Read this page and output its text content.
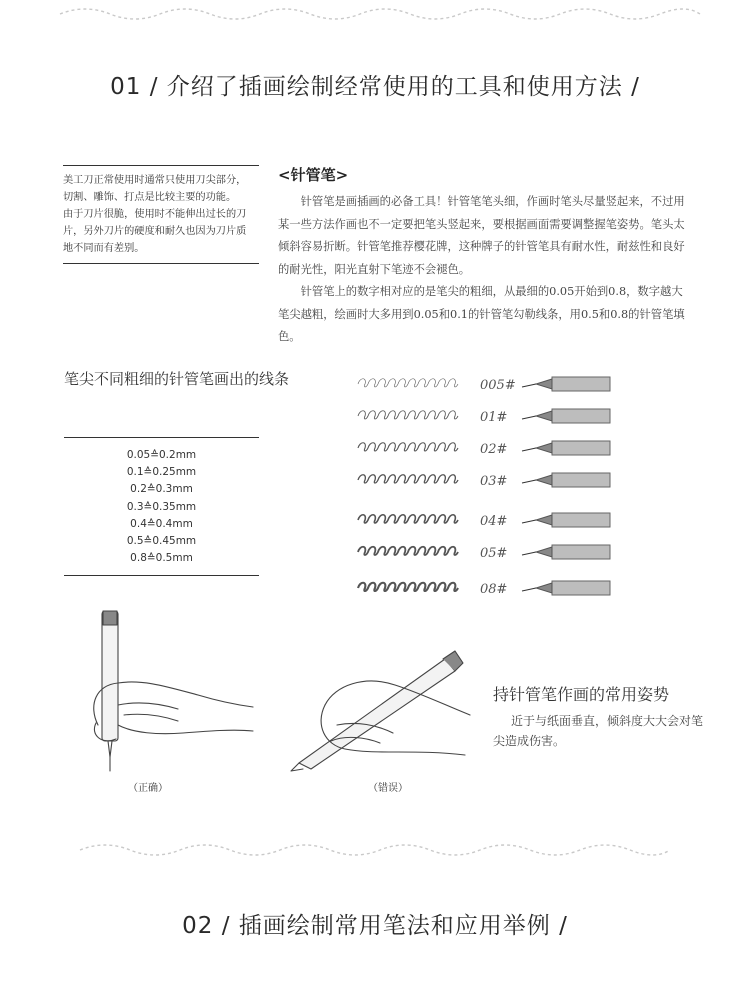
01 / 介绍了插画绘制经常使用的工具和使用方法 /
美工刀正常使用时通常只使用刀尖部分，
切割、雕饰、打点是比较主要的功能。
由于刀片很脆，使用时不能伸出过长的刀
片，另外刀片的硬度和耐久也因为刀片质
地不同而有差别。
<针管笔>
针管笔是画插画的必备工具！针管笔笔头细，作画时笔头尽量竖起来，不过用某一些方法作画也不一定要把笔头竖起来，要根据画面需要调整握笔姿势。笔头太倾斜容易折断。针管笔推荐樱花牌，这种牌子的针管笔具有耐水性，耐兹性和良好的耐光性，阳光直射下笔迹不会褪色。
针管笔上的数字相对应的是笔尖的粗细，从最细的0.05开始到0.8，数字越大笔尖越粗，绘画时大多用到0.05和0.1的针管笔勾勒线条，用0.5和0.8的针管笔填色。
笔尖不同粗细的针管笔画出的线条
0.05≙0.2mm
0.1≙0.25mm
0.2≙0.3mm
0.3≙0.35mm
0.4≙0.4mm
0.5≙0.45mm
0.8≙0.5mm
005#
01#
02#
03#
04#
05#
08#
（正确）	（错误）
持针管笔作画的常用姿势
近于与纸面垂直，倾斜度大大会对笔尖造成伤害。
02 / 插画绘制常用笔法和应用举例 /
